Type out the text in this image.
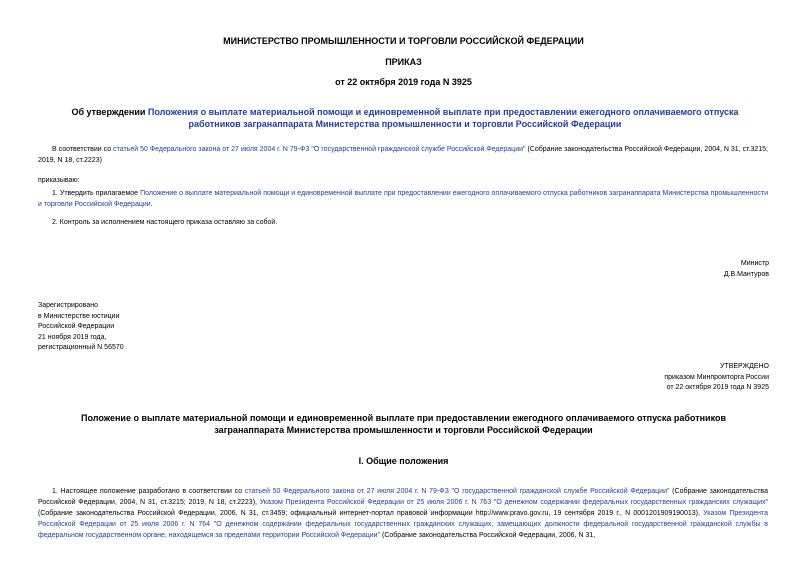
МИНИСТЕРСТВО ПРОМЫШЛЕННОСТИ И ТОРГОВЛИ РОССИЙСКОЙ ФЕДЕРАЦИИ
ПРИКАЗ
от 22 октября 2019 года N 3925
Об утверждении Положения о выплате материальной помощи и единовременной выплате при предоставлении ежегодного оплачиваемого отпуска работников загранаппарата Министерства промышленности и торговли Российской Федерации
В соответствии со статьей 50 Федерального закона от 27 июля 2004 г. N 79-ФЗ "О государственной гражданской службе Российской Федерации" (Собрание законодательства Российской Федерации, 2004, N 31, ст.3215; 2019, N 18, ст.2223)
приказываю:
1. Утвердить прилагаемое Положение о выплате материальной помощи и единовременной выплате при предоставлении ежегодного оплачиваемого отпуска работников загранаппарата Министерства промышленности и торговли Российской Федерации.
2. Контроль за исполнением настоящего приказа оставляю за собой.
Министр
Д.В.Мантуров
Зарегистрировано
в Министерстве юстиции
Российской Федерации
21 ноября 2019 года,
регистрационный N 56570
УТВЕРЖДЕНО
приказом Минпромторга России
от 22 октября 2019 года N 3925
Положение о выплате материальной помощи и единовременной выплате при предоставлении ежегодного оплачиваемого отпуска работников загранаппарата Министерства промышленности и торговли Российской Федерации
I. Общие положения
1. Настоящее положение разработано в соответствии со статьей 50 Федерального закона от 27 июля 2004 г. N 79-ФЗ "О государственной гражданской службе Российской Федерации" (Собрание законодательства Российской Федерации, 2004, N 31, ст.3215; 2019, N 18, ст.2223), Указом Президента Российской Федерации от 25 июля 2006 г. N 763 "О денежном содержании федеральных государственных гражданских служащих" (Собрание законодательства Российской Федерации, 2006, N 31, ст.3459; официальный интернет-портал правовой информации http://www.pravo.gov.ru, 19 сентября 2019 г., N 0001201909190013), Указом Президента Российской Федерации от 25 июля 2006 г. N 764 "О денежном содержании федеральных государственных гражданских служащих, замещающих должности федеральной государственной гражданской службы в федеральном государственном органе, находящемся за пределами территории Российской Федерации" (Собрание законодательства Российской Федерации, 2006, N 31,
